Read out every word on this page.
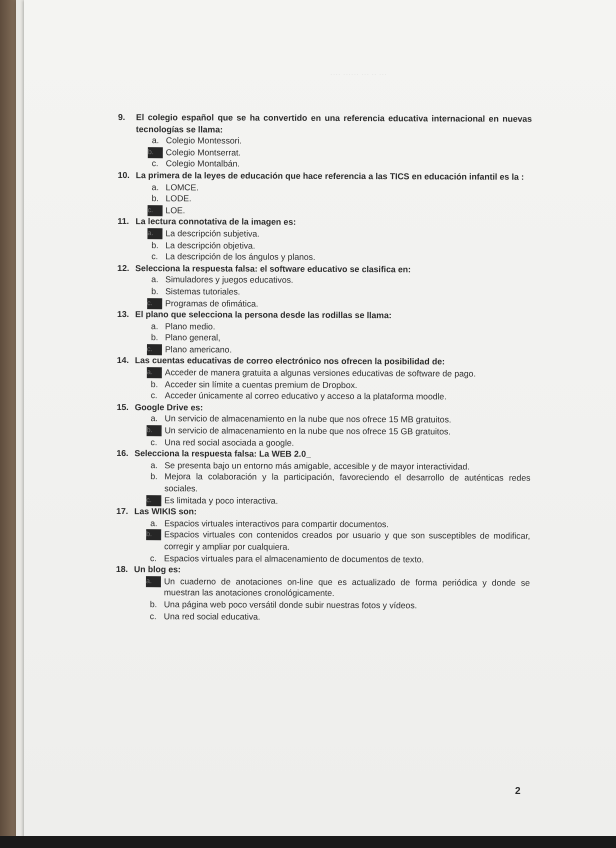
··· ·· ··· ······ ····
9. El colegio español que se ha convertido en una referencia educativa internacional en nuevas tecnologías se llama:
a. Colegio Montessori.
b.	Colegio Montserrat.
c. Colegio Montalbán.
10. La primera de la leyes de educación que hace referencia a las TICS en educación infantil es la :
a. LOMCE.
b. LODE.
c.	LOE.
11. La lectura connotativa de la imagen es:
a.	La descripción subjetiva.
b. La descripción objetiva.
c. La descripción de los ángulos y planos.
12. Selecciona la respuesta falsa: el software educativo se clasifica en:
a. Simuladores y juegos educativos.
b. Sistemas tutoriales.
c.	Programas de ofimática.
13. El plano que selecciona la persona desde las rodillas se llama:
a. Plano medio.
b. Plano general,
c.	Plano americano.
14. Las cuentas educativas de correo electrónico nos ofrecen la posibilidad de:
a.	Acceder de manera gratuita a algunas versiones educativas de software de pago.
b. Acceder sin límite a cuentas premium de Dropbox.
c. Acceder únicamente al correo educativo y acceso a la plataforma moodle.
15. Google Drive es:
a. Un servicio de almacenamiento en la nube que nos ofrece 15 MB gratuitos.
b.	Un servicio de almacenamiento en la nube que nos ofrece 15 GB gratuitos.
c. Una red social asociada a google.
16. Selecciona la respuesta falsa: La WEB 2.0_
a. Se presenta bajo un entorno más amigable, accesible y de mayor interactividad.
b. Mejora la colaboración y la participación, favoreciendo el desarrollo de auténticas redes sociales.
c.	Es limitada y poco interactiva.
17. Las WIKIS son:
a. Espacios virtuales interactivos para compartir documentos.
b.	Espacios virtuales con contenidos creados por usuario y que son susceptibles de modificar, corregir y ampliar por cualquiera.
c. Espacios virtuales para el almacenamiento de documentos de texto.
18. Un blog es:
a.	Un cuaderno de anotaciones on-line que es actualizado de forma periódica y donde se muestran las anotaciones cronológicamente.
b. Una página web poco versátil donde subir nuestras fotos y vídeos.
c. Una red social educativa.
2
